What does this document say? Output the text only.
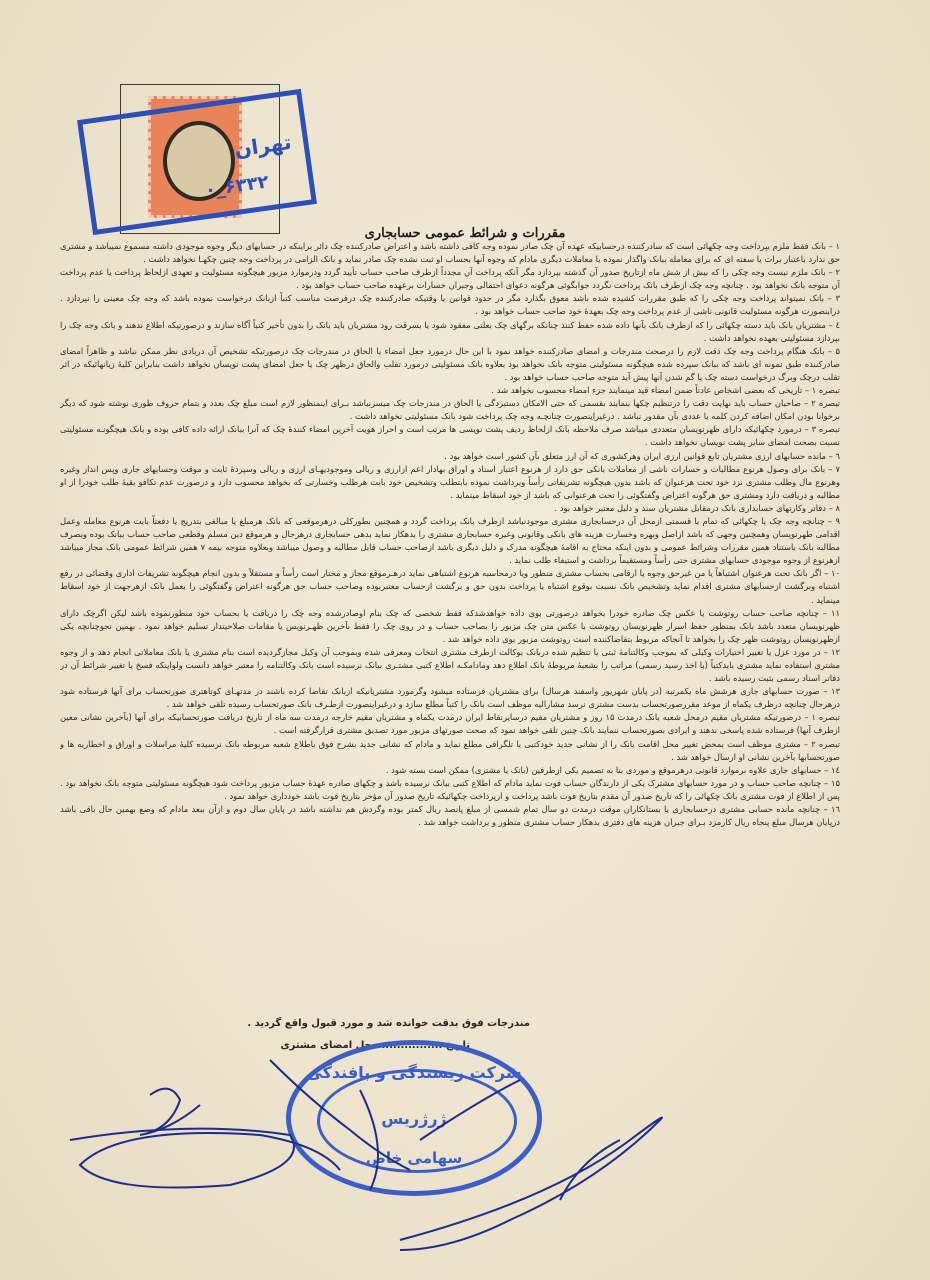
تهران
۶۳۳۲_۰
مقررات و شرائط عمومی حسابجاری

۱ – بانک فقط ملزم بپرداخت وجه چکهائی است که سادرکننده درحسابیکه عهده آن چک صادر نموده وجه کافی داشته باشد و اعتراض صادرکننده چک دائر براینکه در حسابهای دیگر وجوه موجودی داشته مسموع نمیباشد و مشتری حق ندارد باعتبار برات یا سفته ای که برای معامله ببانک واگذار نموده یا معاملات دیگری مادام که وجوه آنها بحساب او ثبت نشده چک صادر نماید و بانک الزامی در پرداخت وجه چنین چکهـا نخواهد داشت .

۲ – بانک ملزم نیست وجه چکی را که بیش از شش ماه ازتاریخ صدور آن گذشته بپردازد مگر آنکه پرداخت آن مجدداً ازطرف صاحب حساب تأیید گردد ودرموارد مزبور هیچگونه مسئولیت و تعهدی ازلحاظ پرداخت یا عدم پرداخت آن متوجه بانک نخواهد بود . چنانچه وجه چک ازطرف بانک پرداخت نگردد جوابگوئی هرگونه دعوای احتمالی وجبران خسارات برعهده صاحب حساب خواهد بود .

۳ – بانک نمیتواند پرداخت وجه چکی را که طبق مقررات کشیده شده باشد معوق بگذارد مگر در حدود قوانین یا وقتیکه صادرکننده چک درفرصت مناسب کتباً ازبانک درخواست نموده باشد که وجه چک معینی را نپردازد . درابنصورت هرگونه مسئولیت قانونی ناشی از عدم پرداخت وجه چک بعهدهٔ خود صاحب حساب خواهد بود .

٤ – مشتریان بانک باید دسته چکهائی را که ازطرف بانک بآنها داده شده حفظ کنند چنانکه برگهای چک بعلتی مفقود شود یا بسرقت رود مشتریان باید بانک را بدون تأخیر کتباً آگاه سازند و درصورتیکه اطلاع ندهند و بانک وجه چک را بپردازد مسئولیتی بعهده نخواهد داشت .

۵ – بانک هنگام پرداخت وجه چک دقت لازم را درصحت مندرجات و امضای صادرکننده خواهد نمود با این حال درمورد جعل امضاء یا الحاق در مندرجات چک درصورتیکه تشخیص آن دربادی نظر ممکن نباشد و ظاهراً امضای صادرکننده طبق نمونه ای باشد که ببانک سپرده شده هیچگونه مسئولیتی متوجه بانک نخواهد بود بعلاوه بانک مسئولیتی درمورد تقلب والحاق درظهر چک یا جعل امضای پشت نویسان نخواهد داشت بنابراین کلیهٔ زیانهائیکه در اثر تقلب درچک وبرگ درخواست دسته چک یا گم شدن آنها پیش آید متوجه صاحب حساب خواهد بود .

تبصره ۱ – تاریخی که بعضی اشخاص عادتاً ضمن امضاء قید مینمایند جزء امضاء محسوب نخواهد شد .

تبصره ۲ – صاحبان حساب باید نهایت دقت را درتنظیم چکها بنمایند بقسمی که حتی الامکان دستبردگی یا الحاق در مندرجات چک میسرنباشد بـرای اینمنظور لازم است مبلغ چک بعدد و بتمام حروف طوری نوشته شود که دیگر برخوانا بودن امکان اضافه کردن کلمه یا عددی بآن مقدور نباشد . درغیراینصورت چنانچـه وجه چک پرداخت شود بانک مسئولیتی نخواهد داشت .

تبصره ۳ – درمورد چکهائیکه دارای ظهرنویسان متعددی میباشد صرف ملاحظه بانک ازلحاظ ردیف پشت نویسی ها مرتب است و احراز هویت آخرین امضاء کنندهٔ چک که آنرا ببانک ارائه داده کافی بوده و بانک هیچگونـه مسئولیتی نسبت بصحت امضای سایر پشت نویسان نخواهد داشت .

٦ – مانده حسابهای ارزی مشتریان تابع قوانین ارزی ایران وهرکشوری که آن ارز متعلق بآن کشور است خواهد بود .

۷ – بانک برای وصول هرنوع مطالبات و خسارات ناشی از معاملات بانکی حق دارد از هرنوع اعتبار اسناد و اوراق بهادار اعم ازارزی و ریالی وموجودیهـای ارزی و ریالی وسپردهٔ ثابت و موقت وحسابهای جاری وپس انداز وغیره وهرنوع مال وطلب مشتری نزد خود تحت هرعنوان که باشد بدون هیچگونه تشریفاتی رأساً وبرداشت نموده بابتطلب وتشخیص خود بابت هرطلب وخسارتی که بخواهد محسوب دارد و درصورت عدم تکافو بقیهٔ طلب خودرا از او مطالبه و دریافت دارد ومشتری حق هرگونه اعتراض وگفتگوئی را تحت هرعنوانی که باشد از خود اسقاط مینماید .

۸ – دفاتر وکارتهای حسابداری بانک درمقابل مشتریان سند و دلیل معتبر خواهد بود .

۹ – چنانچه وجه چک یا چکهائی که تمام یا قسمتی ازمحل آن درحسابجاری مشتری موجودنباشد ازطرف بانک پرداخت گردد و همچنین بطورکلی درهرموقعی که بانک هرمبلغ یا مبالغی بتدریج یا دفعتاً بابت هرنوع معامله وعمل اقدامی طهرنویسان وهمچنین وجهی که باشد ازاصل وبهره وخسارت هزینه های بانکی وقانونی وغیره حسابجاری مشتری را بدهکار نماید بدهی حسابجاری درهرحال و هرموقع دین مسلم وقطعی صاحب حساب ببانک بوده وبصرف مطالبه بانک باستناد همین مقررات وشرائط عمومی و بدون اینکه محتاج به اقامهٔ هیچگونه مدرک و دلیل دیگری باشد ازصاحب حساب قابل مطالبه و وصول میباشد وبعلاوه متوجه بیمه ۷ همین شرائط عمومی بانک مجاز میباشد ازهرنوع از وجوه موجودی حسابهای مشتری حتی رأساً ومستقیماً برداشت و استیفاء طلب نماید .

۱۰ – اگر بانک تحت هرعنوان اشتباهاً یا من غیرحق وجوه یا ارقامی بحساب مشتری منظور ویا درمحاسبه هرنوع اشتباهی نماید درهـرموقع مجاز و مختار است رأساً و مستقلاً و بدون انجام هیچگونه تشریفات اداری وقضائی در رفع اشتباه وبرگشت ازحسابهای مشتری اقدام نماید وتشخیص بانک نسبت بوقوع اشتباه یا پرداخت بدون حق و برگشت ازحساب معتبربوده وصاحب حساب حق هرگونه اعتراض وگفتگوئی را بعمل بانک ازهرجهت از خود اسقاط مینماید .

۱۱ – چنانچه صاحب حساب روتوشت یا عکس چک صادره خودرا بخواهد درصورتی بوی داده خواهدشدکه فقط شخصی که چک بنام اوصادرشده وجه چک را دریافت یا بحساب خود منظورنموده باشد لیکن اگرچک دارای ظهرنویسان متعدد باشد بانک بمنظور حفظ اسرار ظهرنویسان روتوشت یا عکس متن چک مزبور را بصاحب حساب و در روی چک را فقط بآخرین ظهـرنویس یا مقامات صلاحیتدار تسلیم خواهد نمود . بهمین نحوچنانچه یکی ازظهرنویسان روتوشت ظهر چک را بخواهد تا آنجاکه مربوط بتقاضاکننده است روتوشت مزبور بوی داده خواهد شد .

۱۲ – در مورد عزل یا تغییر اختیارات وکیلی که بموجب وکالتنامهٔ ثبتی یا تنظیم شده دربانک بوکالت ازطرف مشتری انتخاب ومعرفی شده وبموجب آن وکیل مجازگردیده است بنام مشتری یا بانک معاملاتی انجام دهد و از وجوه مشتری استفاده نماید مشتری بایدکتباً (با اخذ رسید رسمی) مراتب را بشعبهٔ مربوطهٔ بانک اطلاع دهد ومادامکـه اطلاع کتبی مشتـری ببانک نرسیده است بانک وکالتنامه را معتبر خواهد دانست ولواینکه فسخ یا تغییر شرائط آن در دفاتر اسناد رسمی بثبت رسیده باشد .

۱۳ – صورت حسابهای جاری هرشش ماه یکمرتبه (در پایان شهریور واسفند هرسال) برای مشتریان فرستاده میشود وگرمورد مشتریانیکه ازبانک تقاضا کرده باشند در مدتهـای کوتاهتری صورتحساب برای آنها فرستاده شود درهرحال چنانچه درظرف یکماه از موعد مقررصورتحساب بدست مشتری نرسد مشارالیه موظف است بانک را کتباً مطلع سازد و درغیراینصورت ازطـرف بانک صورتحساب رسیده تلقی خواهد شد .

تبصره ۱ – درصورتیکه مشتریان مقیم درمحل شعبه بانک درمدت ۱۵ روز و مشتریان مقیم درسایرنقاط ایران درمدت یکماه و مشتریان مقیم خارجه درمدت سه ماه از تاریخ دریافت صورتحسابیکه برای آنها (بآخرین نشانی معین ازطرف آنها) فرستاده شده پاسخی ندهند و ایرادی بصورتحساب ننمایند بانک چنین تلقی خواهد نمود که صحت صورتهای مزبور مورد تصدیق مشتری قرارگرفته است .

تبصره ۲ – مشتری موظف است بمحض تغییر محل اقامت بانک را از نشانی جدید خودکتبی یا تلگرافی مطلع نماید و مادام که نشانی جدید بشرح فوق باطلاع شعبه مربوطه بانک نرسیده کلیهٔ مراسلات و اوراق و اخطاریه ها و صورتحسابها بآخرین نشانی او ارسال خواهد شد .

۱٤ – حسابهای جاری علاوه برموارد قانونی درهرموقع و موردی بنا به تصمیم یکی ازطرفین (بانک یا مشتری) ممکن است بسته شود .

۱۵ – چنانچه صاحب حساب و در مورد حسابهای مشترک یکی از دارندگان حساب فوت نماید مادام که اطلاع کتبی ببانک نرسیده باشد و چکهای صادره عهدهٔ حساب مزبور پرداخت شود هیچگونه مسئولیتی متوجه بانک نخواهد بود . پس از اطلاع از فوت مشتری بانک چکهائی را که تاریخ صدور آن مقدم بتاریخ فوت باشد پرداخت و ازپرداخت چکهائیکه تاریخ صدور آن مؤخر بتاریخ فوت باشد خودداری خواهد نمود .

۱٦ – چنانچه مانده حسابی مشتری درحسابجاری یا بستانکاران موقت درمدت دو سال تمام شمسی از مبلغ پانصد ریال کمتر بوده وگردش هم نداشته باشد در پایان سال دوم و ازآن ببعد مادام که وضع بهمین حال باقی باشد درپایان هرسال مبلغ پنجاه ریال کارمزد بـرای جبران هزینه های دفتری بدهکار حساب مشتری منظور و برداشت خواهد شد .

مندرجات فوق بدقت خوانده شد و مورد قبول واقع گردید .
تاریخ ................ محل امضای مشتری
شرکت ریسندگی و بافندگی
ژرژریس
سهامی خاص
